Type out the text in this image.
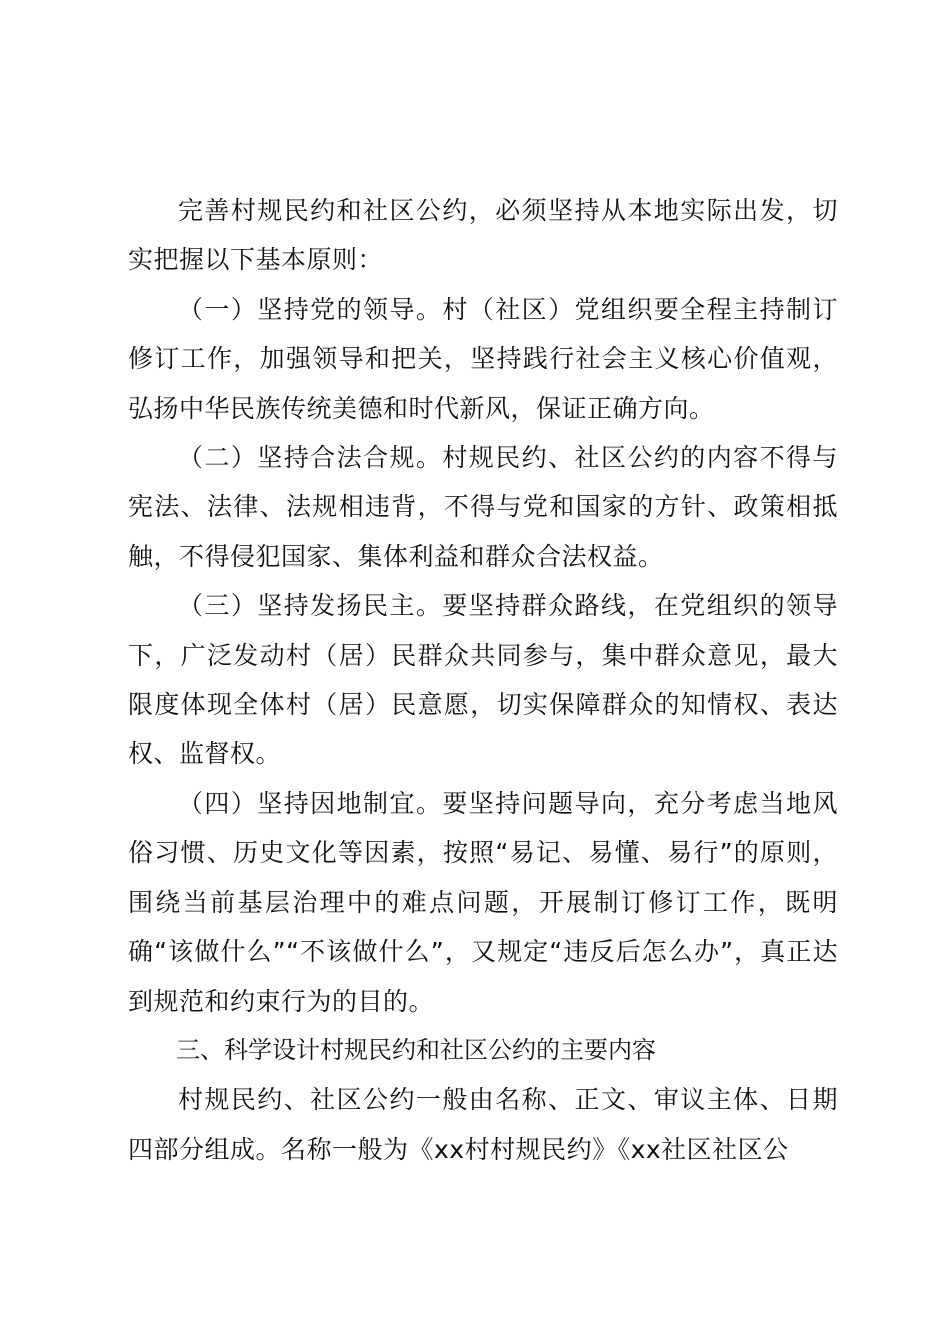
完善村规民约和社区公约，必须坚持从本地实际出发，切实把握以下基本原则：

（一）坚持党的领导。村（社区）党组织要全程主持制订修订工作，加强领导和把关，坚持践行社会主义核心价值观，弘扬中华民族传统美德和时代新风，保证正确方向。

（二）坚持合法合规。村规民约、社区公约的内容不得与宪法、法律、法规相违背，不得与党和国家的方针、政策相抵触，不得侵犯国家、集体利益和群众合法权益。

（三）坚持发扬民主。要坚持群众路线，在党组织的领导下，广泛发动村（居）民群众共同参与，集中群众意见，最大限度体现全体村（居）民意愿，切实保障群众的知情权、表达权、监督权。

（四）坚持因地制宜。要坚持问题导向，充分考虑当地风俗习惯、历史文化等因素，按照“易记、易懂、易行”的原则，围绕当前基层治理中的难点问题，开展制订修订工作，既明确“该做什么”“不该做什么”，又规定“违反后怎么办”，真正达到规范和约束行为的目的。

三、科学设计村规民约和社区公约的主要内容

村规民约、社区公约一般由名称、正文、审议主体、日期四部分组成。名称一般为《xx村村规民约》《xx社区社区公
